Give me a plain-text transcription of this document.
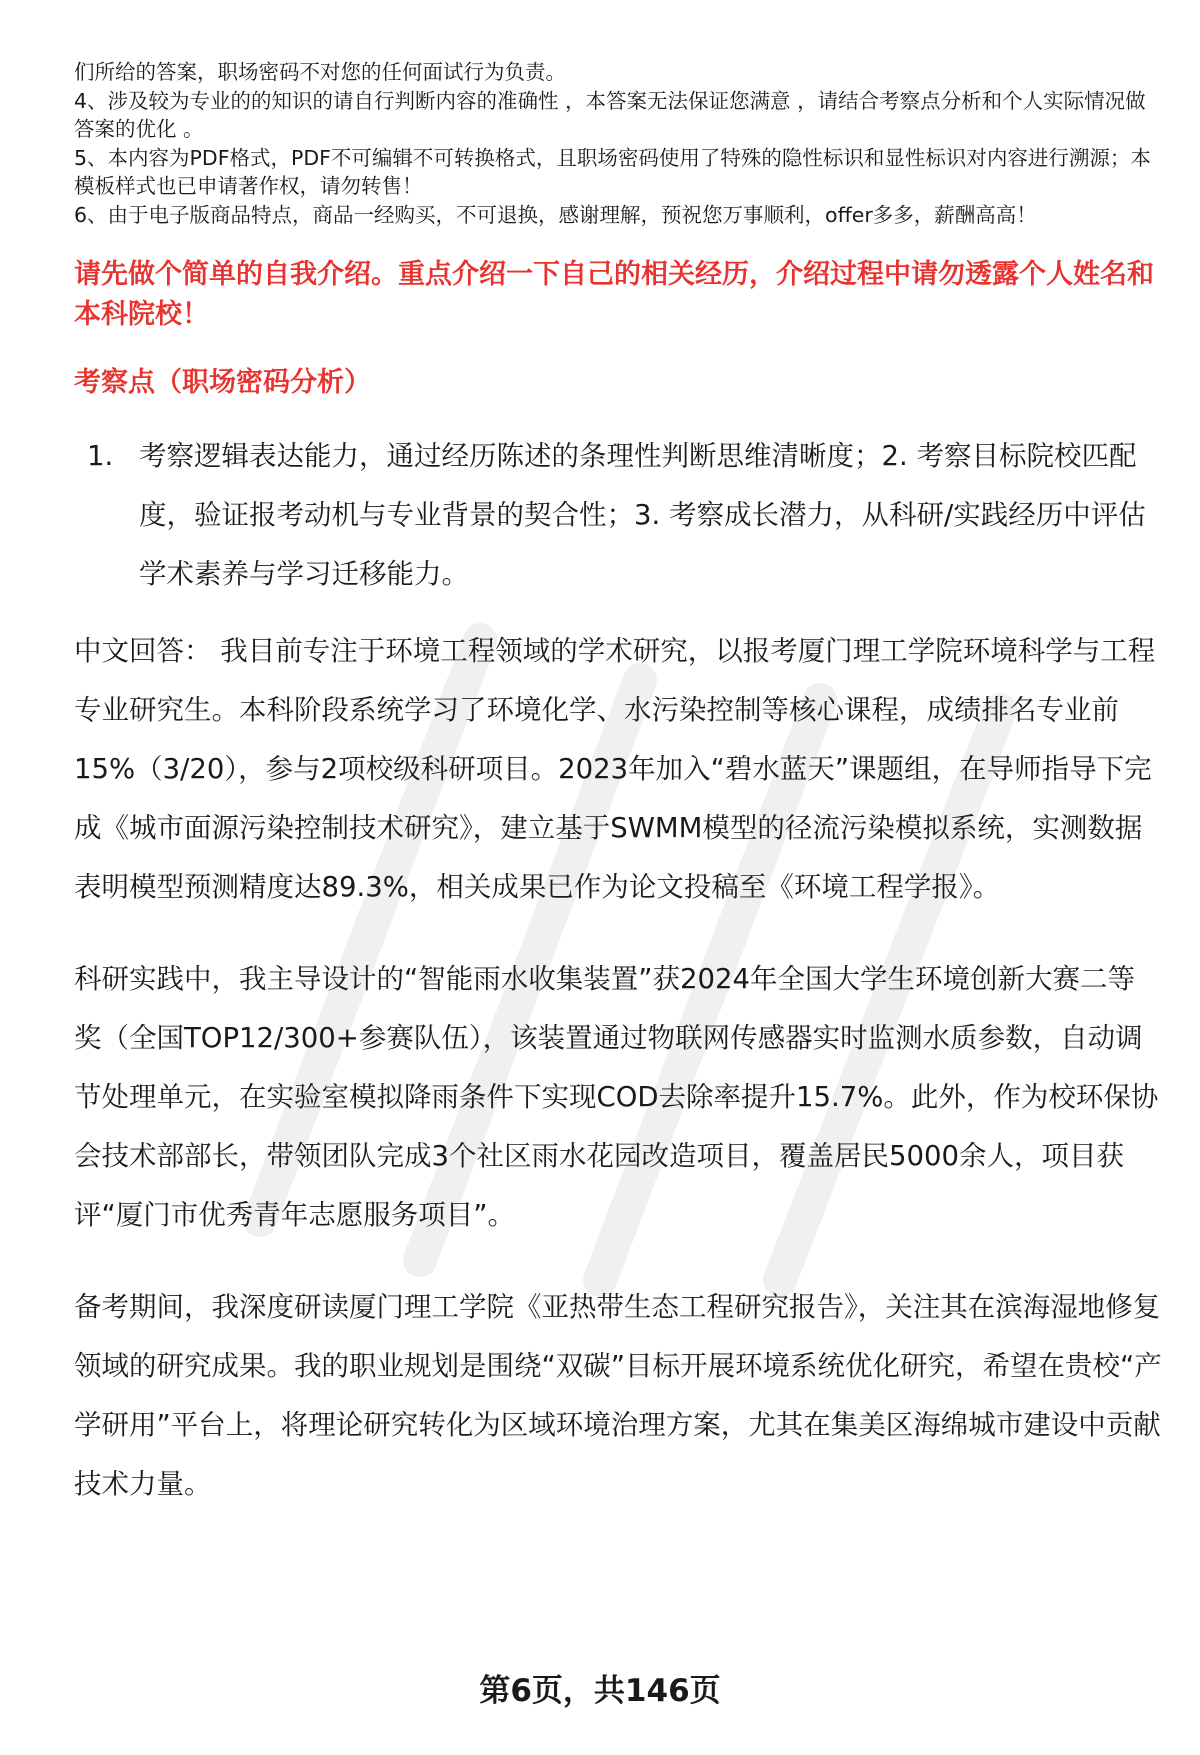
们所给的答案，职场密码不对您的任何面试行为负责。

4、涉及较为专业的的知识的请自行判断内容的准确性 ，本答案无法保证您满意 ，请结合考察点分析和个人实际情况做答案的优化 。

5、本内容为PDF格式，PDF不可编辑不可转换格式，且职场密码使用了特殊的隐性标识和显性标识对内容进行溯源；本模板样式也已申请著作权，请勿转售！

6、由于电子版商品特点，商品一经购买，不可退换，感谢理解，预祝您万事顺利，offer多多，薪酬高高！

请先做个简单的自我介绍。重点介绍一下自己的相关经历，介绍过程中请勿透露个人姓名和本科院校！

考察点（职场密码分析）

1. 考察逻辑表达能力，通过经历陈述的条理性判断思维清晰度；2. 考察目标院校匹配度，验证报考动机与专业背景的契合性；3. 考察成长潜力，从科研/实践经历中评估学术素养与学习迁移能力。

中文回答： 我目前专注于环境工程领域的学术研究，以报考厦门理工学院环境科学与工程专业研究生。本科阶段系统学习了环境化学、水污染控制等核心课程，成绩排名专业前15%（3/20），参与2项校级科研项目。2023年加入“碧水蓝天”课题组，在导师指导下完成《城市面源污染控制技术研究》，建立基于SWMM模型的径流污染模拟系统，实测数据表明模型预测精度达89.3%，相关成果已作为论文投稿至《环境工程学报》。

科研实践中，我主导设计的“智能雨水收集装置”获2024年全国大学生环境创新大赛二等奖（全国TOP12/300+参赛队伍），该装置通过物联网传感器实时监测水质参数，自动调节处理单元，在实验室模拟降雨条件下实现COD去除率提升15.7%。此外，作为校环保协会技术部部长，带领团队完成3个社区雨水花园改造项目，覆盖居民5000余人，项目获评“厦门市优秀青年志愿服务项目”。

备考期间，我深度研读厦门理工学院《亚热带生态工程研究报告》，关注其在滨海湿地修复领域的研究成果。我的职业规划是围绕“双碳”目标开展环境系统优化研究，希望在贵校“产学研用”平台上，将理论研究转化为区域环境治理方案，尤其在集美区海绵城市建设中贡献技术力量。

第6页，共146页
